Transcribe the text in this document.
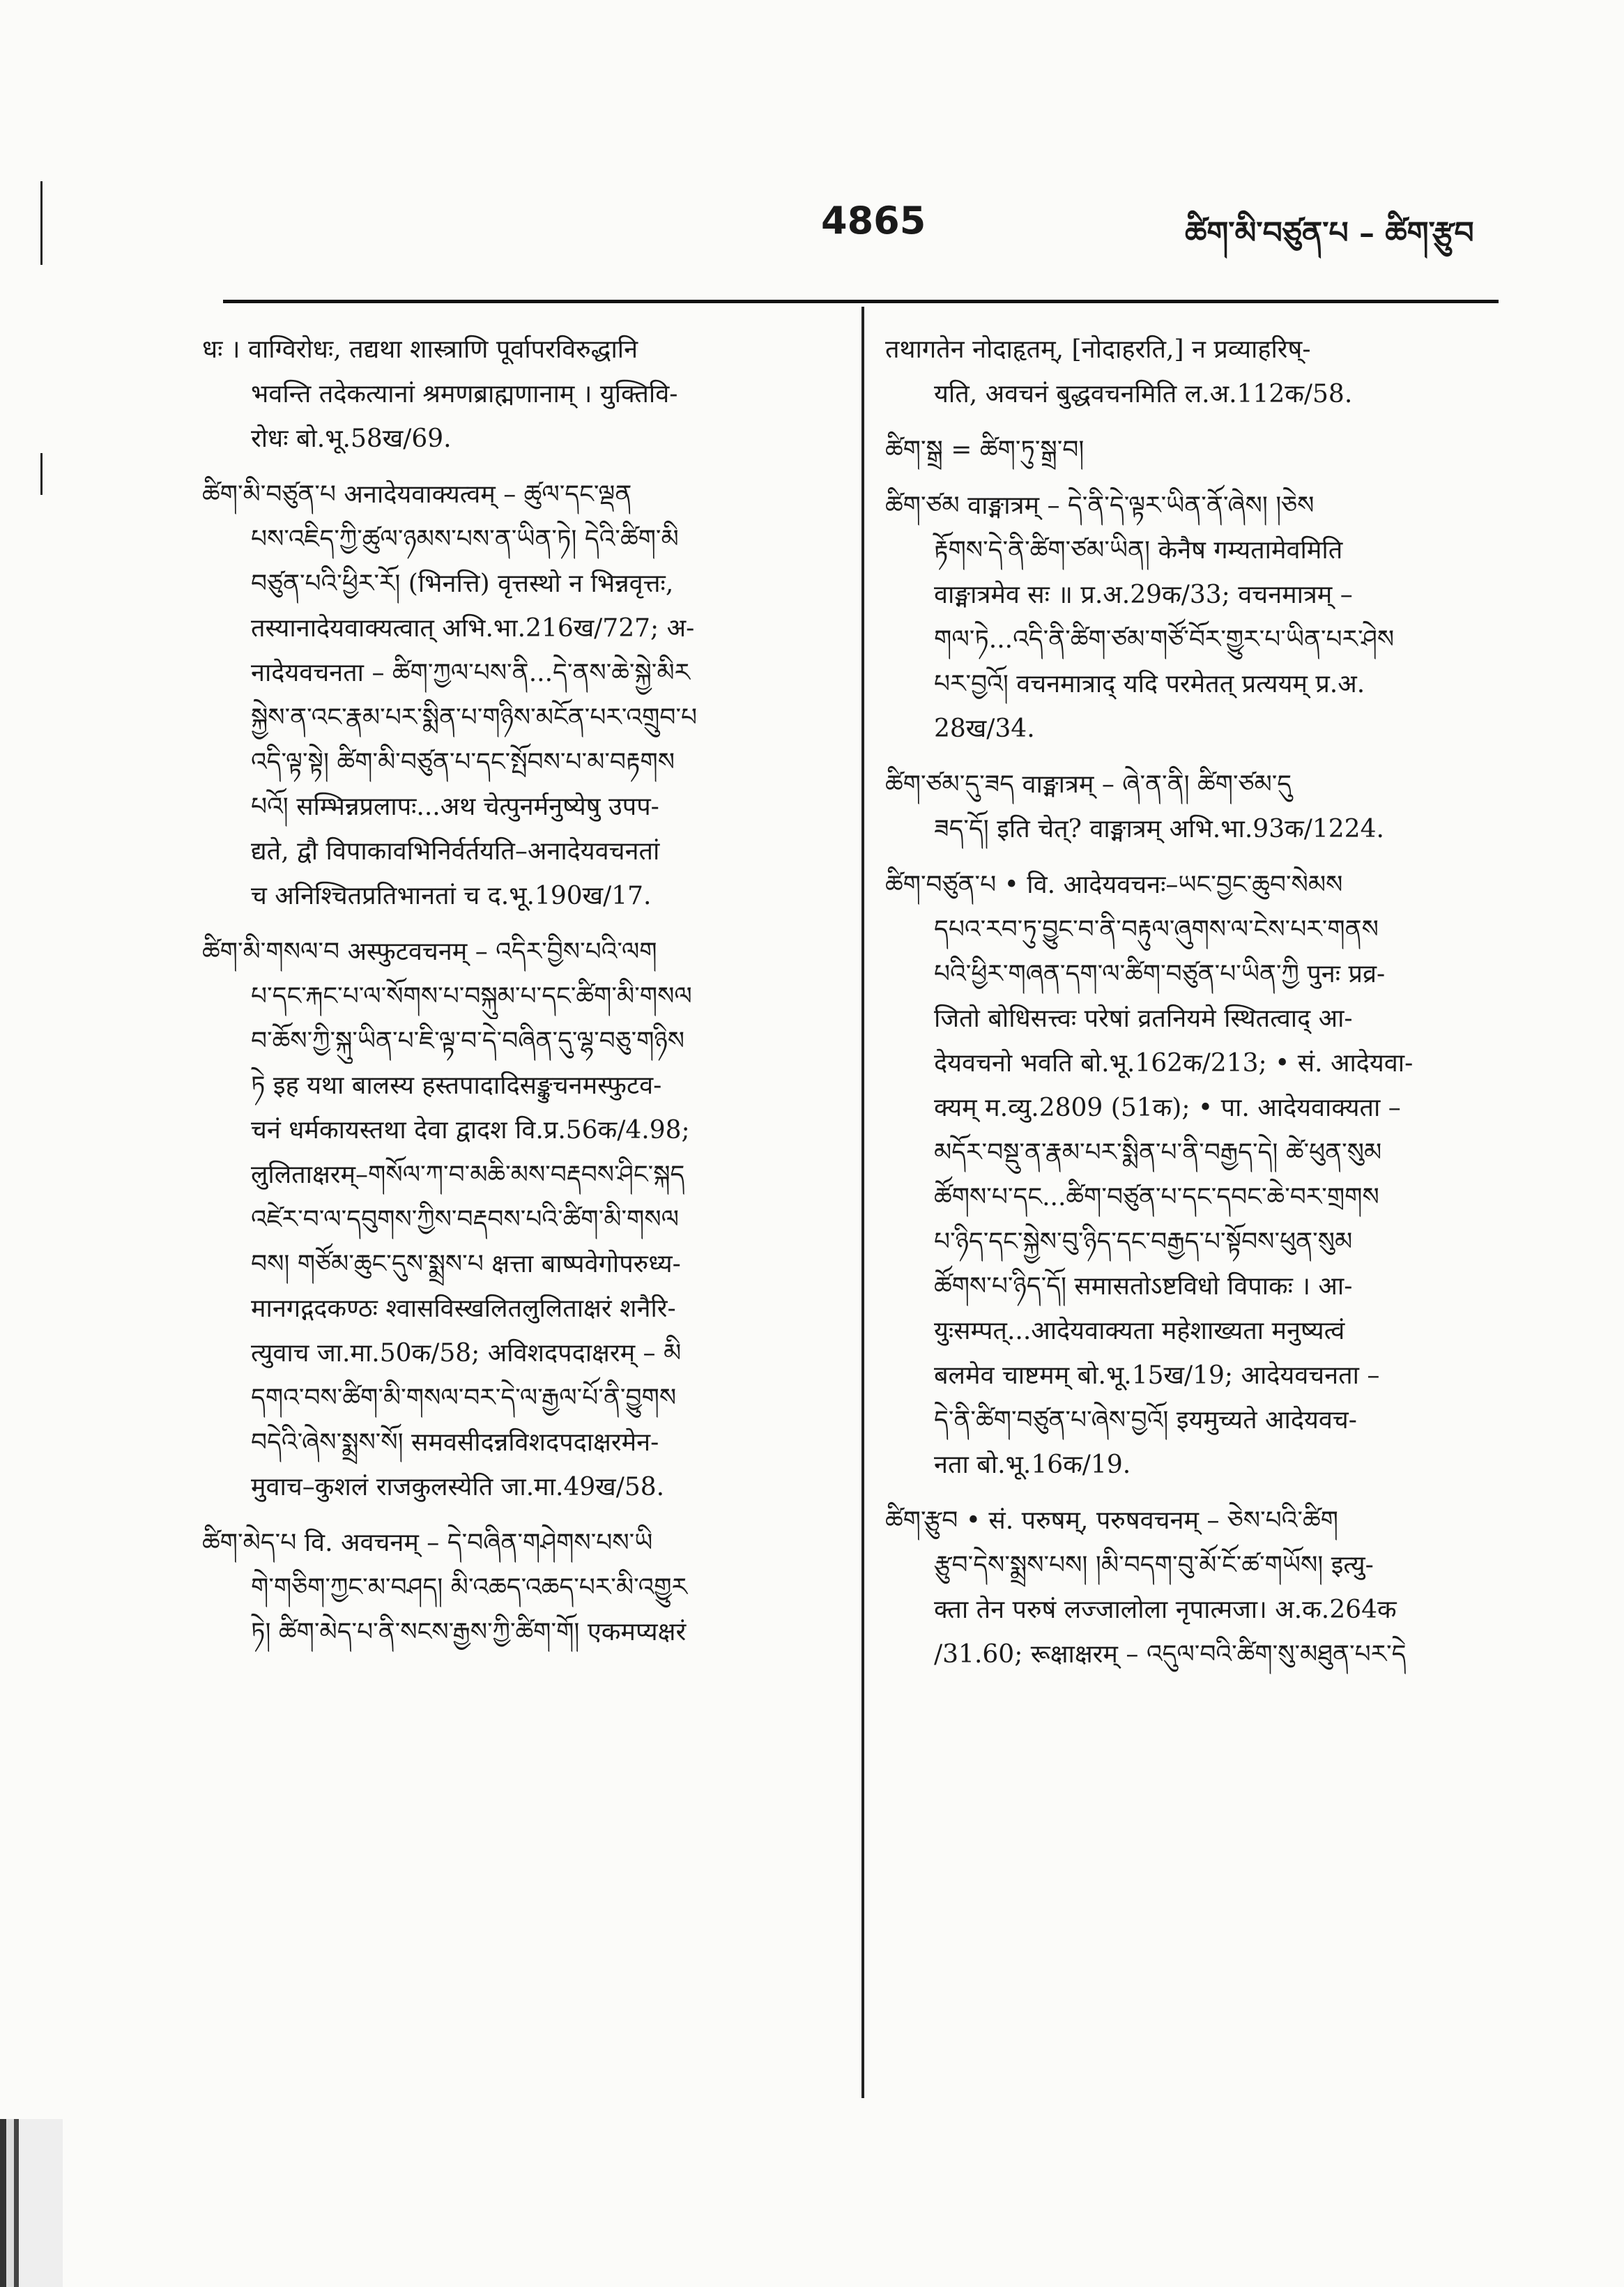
4865	ཚིག་མི་བཙུན་པ – ཚིག་རྩུབ
धः । वाग्विरोधः, तद्यथा शास्त्राणि पूर्वापरविरुद्धानि
भवन्ति तदेकत्यानां श्रमणब्राह्मणानाम् । युक्तिवि-
रोधः बो.भू.58ख/69.
ཚིག་མི་བཙུན་པ अनादेयवाक्यत्वम् – ཚུལ་དང་ལྡན
པས་འཇིད་ཀྱི་ཚུལ་ཉམས་པས་ན་ཡིན་ཏེ། དེའི་ཚིག་མི
བཙུན་པའི་ཕྱིར་རོ། (भिनत्ति) वृत्तस्थो न भिन्नवृत्तः,
तस्यानादेयवाक्यत्वात् अभि.भा.216ख/727; अ-
नादेयवचनता – ཚིག་ཀྱལ་པས་ནི...དེ་ནས་ཆེ་སྐྱེ་མིར
སྐྱེས་ན་འང་རྣམ་པར་སྨིན་པ་གཉིས་མངོན་པར་འགྲུབ་པ
འདི་ལྟ་སྟེ། ཚིག་མི་བཙུན་པ་དང་སྤོབས་པ་མ་བརྟགས
པའོ། सम्भिन्नप्रलापः...अथ चेत्पुनर्मनुष्येषु उपप-
द्यते, द्वौ विपाकावभिनिर्वर्तयति–अनादेयवचनतां
च अनिश्चितप्रतिभानतां च द.भू.190ख/17.
ཚིག་མི་གསལ་བ अस्फुटवचनम् – འདིར་བྱིས་པའི་ལག
པ་དང་རྐང་པ་ལ་སོགས་པ་བསྐུམ་པ་དང་ཚིག་མི་གསལ
བ་ཆོས་ཀྱི་སྐུ་ཡིན་པ་ཇི་ལྟ་བ་དེ་བཞིན་དུ་ལྷ་བཅུ་གཉིས
ཏེ इह यथा बालस्य हस्तपादादिसङ्कुचनमस्फुटव-
चनं धर्मकायस्तथा देवा द्वादश वि.प्र.56क/4.98;
लुलिताक्षरम्–གསོལ་ཀ་བ་མཆི་མས་བརྡབས་ཤིང་སྐད
འཛེར་བ་ལ་དབུགས་ཀྱིས་བརྡབས་པའི་ཚིག་མི་གསལ
བས། གཙོམ་ཆུང་དུས་སྨྲས་པ क्षत्ता बाष्पवेगोपरुध्य-
मानगद्गदकण्ठः श्वासविस्खलितलुलिताक्षरं शनैरि-
त्युवाच जा.मा.50क/58; अविशदपदाक्षरम् – མི
དགའ་བས་ཚིག་མི་གསལ་བར་དེ་ལ་རྒྱལ་པོ་ནི་བྱུགས
བདེའི་ཞེས་སྨྲས་སོ། समवसीदन्नविशदपदाक्षरमेन-
मुवाच–कुशलं राजकुलस्येति जा.मा.49ख/58.
ཚིག་མེད་པ वि. अवचनम् – དེ་བཞིན་གཤེགས་པས་ཡི
གེ་གཅིག་ཀྱང་མ་བཤད། མི་འཆད་འཆད་པར་མི་འགྱུར
ཏེ། ཚིག་མེད་པ་ནི་སངས་རྒྱས་ཀྱི་ཚིག་གོ། एकमप्यक्षरं
तथागतेन नोदाहृतम्, [नोदाहरति,] न प्रव्याहरिष्-
यति, अवचनं बुद्धवचनमिति ल.अ.112क/58.
ཚིག་སྒྲ = ཚིག་ཏུ་སྒྲ་བ།
ཚིག་ཙམ वाङ्मात्रम् – དེ་ནི་དེ་ལྟར་ཡིན་ནོ་ཞེས། །ཅེས
རྟོགས་དེ་ནི་ཚིག་ཙམ་ཡིན། केनैष गम्यतामेवमिति
वाङ्मात्रमेव सः ॥ प्र.अ.29क/33; वचनमात्रम् –
གལ་ཏེ...འདི་ནི་ཚིག་ཙམ་གཙོ་བོར་གྱུར་པ་ཡིན་པར་ཤེས
པར་བྱའོ། वचनमात्राद् यदि परमेतत् प्रत्ययम् प्र.अ.
28ख/34.
ཚིག་ཙམ་དུ་ཟད वाङ्मात्रम् – ཞེ་ན་ནི། ཚིག་ཙམ་དུ
ཟད་དོ། इति चेत्? वाङ्मात्रम् अभि.भा.93क/1224.
ཚིག་བཙུན་པ • वि. आदेयवचनः–ཡང་བྱང་ཆུབ་སེམས
དཔའ་རབ་ཏུ་བྱུང་བ་ནི་བརྟུལ་ཞུགས་ལ་ངེས་པར་གནས
པའི་ཕྱིར་གཞན་དག་ལ་ཚིག་བཙུན་པ་ཡིན་ཀྱི पुनः प्रव्र-
जितो बोधिसत्त्वः परेषां व्रतनियमे स्थितत्वाद् आ-
देयवचनो भवति बो.भू.162क/213; • सं. आदेयवा-
क्यम् म.व्यु.2809 (51क); • पा. आदेयवाक्यता –
མདོར་བསྡུ་ན་རྣམ་པར་སྨིན་པ་ནི་བརྒྱད་དེ། ཚེ་ཕུན་སུམ
ཚོགས་པ་དང...ཚིག་བཙུན་པ་དང་དབང་ཆེ་བར་གྲགས
པ་ཉིད་དང་སྐྱེས་བུ་ཉིད་དང་བརྒྱད་པ་སྟོབས་ཕུན་སུམ
ཚོགས་པ་ཉིད་དོ། समासतोऽष्टविधो विपाकः । आ-
युःसम्पत्...आदेयवाक्यता महेशाख्यता मनुष्यत्वं
बलमेव चाष्टमम् बो.भू.15ख/19; आदेयवचनता –
དེ་ནི་ཚིག་བཙུན་པ་ཞེས་བྱའོ། इयमुच्यते आदेयवच-
नता बो.भू.16क/19.
ཚིག་རྩུབ • सं. परुषम्, परुषवचनम् – ཅེས་པའི་ཚིག
རྩུབ་དེས་སྨྲས་པས། །མི་བདག་བུ་མོ་ངོ་ཚ་གཡོས། इत्यु-
क्ता तेन परुषं लज्जालोला नृपात्मजा। अ.क.264क
/31.60; रूक्षाक्षरम् – འདུལ་བའི་ཚིག་སུ་མཐུན་པར་དེ
